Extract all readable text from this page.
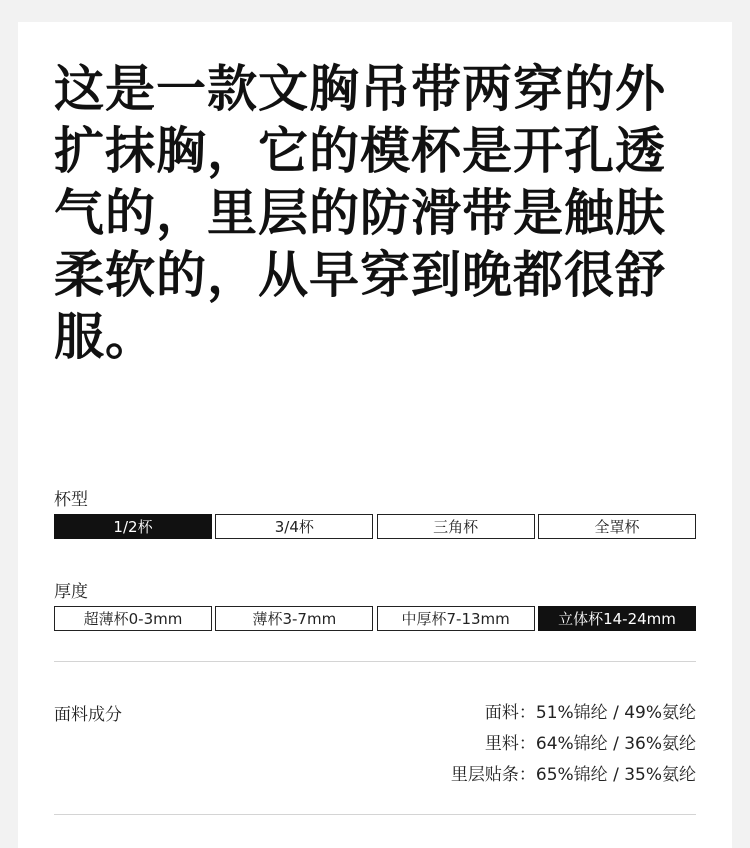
这是一款文胸吊带两穿的外扩抹胸，它的模杯是开孔透气的，里层的防滑带是触肤柔软的，从早穿到晚都很舒服。
杯型
1/2杯	3/4杯	三角杯	全罩杯
厚度
超薄杯0-3mm	薄杯3-7mm	中厚杯7-13mm	立体杯14-24mm
面料成分	面料：51%锦纶 / 49%氨纶
里料：64%锦纶 / 36%氨纶
里层贴条：65%锦纶 / 35%氨纶
